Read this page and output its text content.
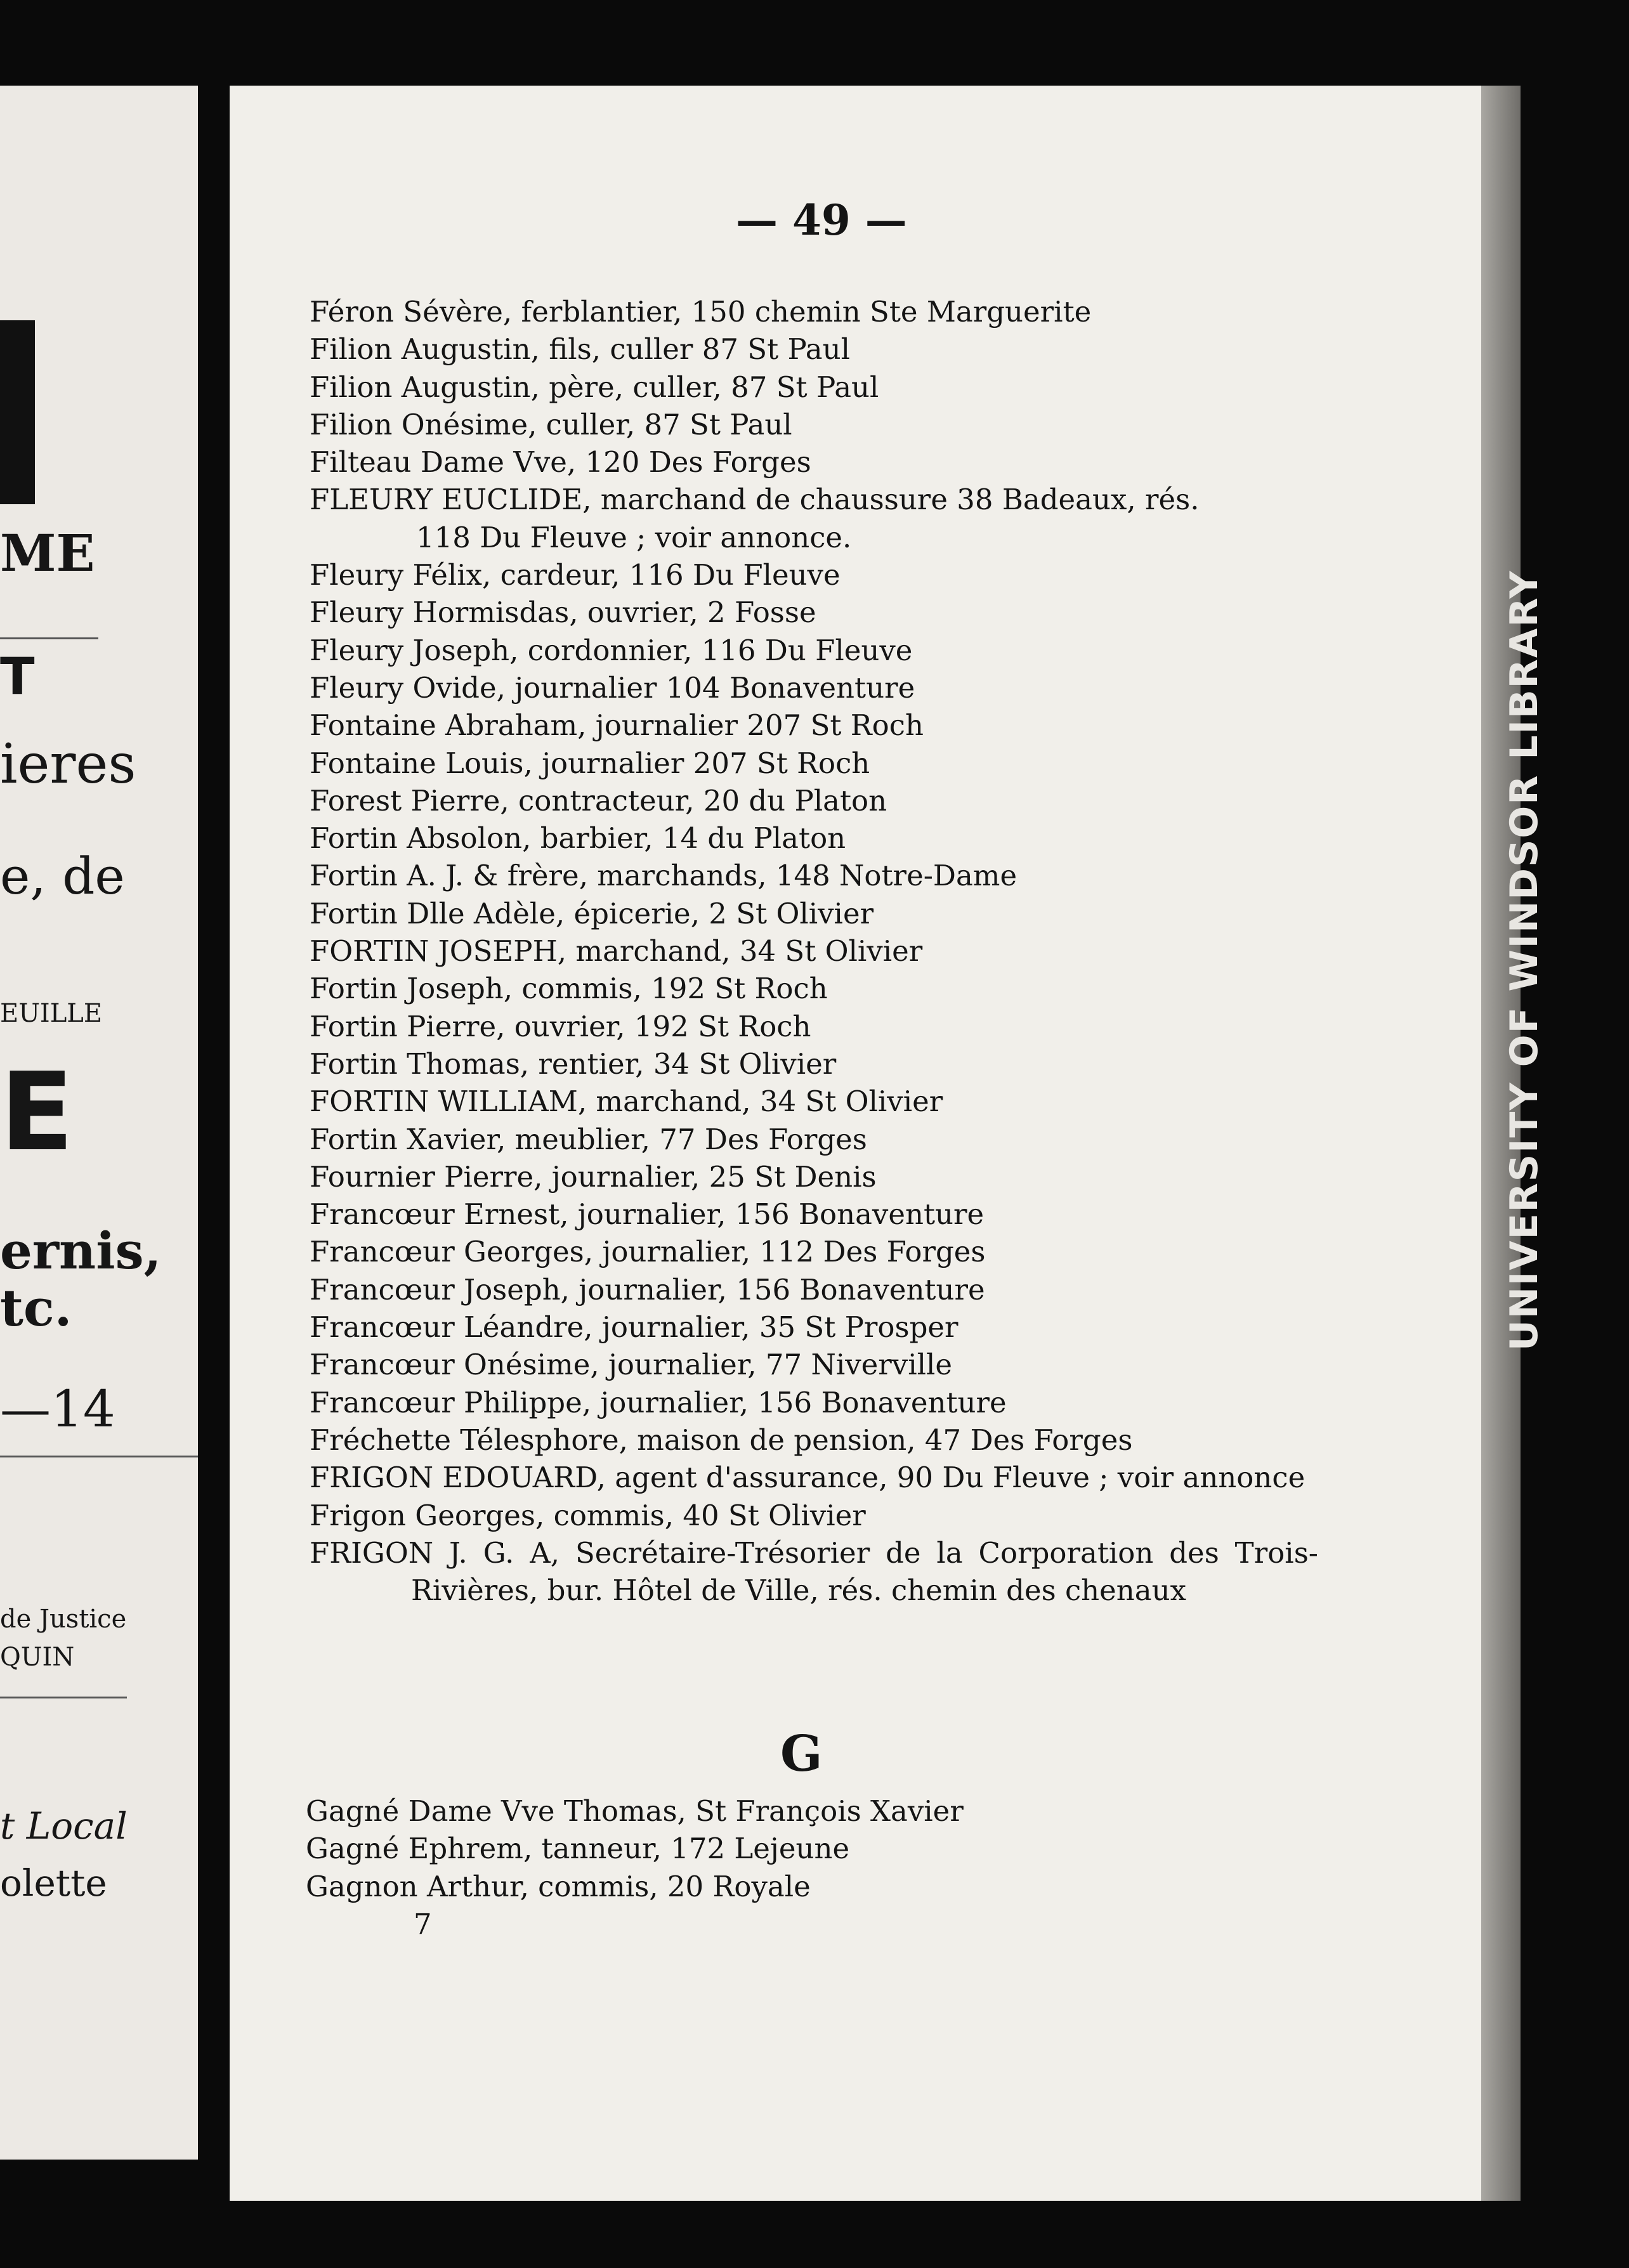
ME
T
ieres
e, de
EUILLE
E
ernis,
tc.
—14
de Justice
QUIN
t Local
olette
UNIVERSITY OF WINDSOR LIBRARY
— 49 —
Féron Sévère, ferblantier, 150 chemin Ste Marguerite
Filion Augustin, fils, culler 87 St Paul
Filion Augustin, père, culler, 87 St Paul
Filion Onésime, culler, 87 St Paul
Filteau Dame Vve, 120 Des Forges
FLEURY EUCLIDE, marchand de chaussure 38 Badeaux, rés.
118 Du Fleuve ; voir annonce.
Fleury Félix, cardeur, 116 Du Fleuve
Fleury Hormisdas, ouvrier, 2 Fosse
Fleury Joseph, cordonnier, 116 Du Fleuve
Fleury Ovide, journalier 104 Bonaventure
Fontaine Abraham, journalier 207 St Roch
Fontaine Louis, journalier 207 St Roch
Forest Pierre, contracteur, 20 du Platon
Fortin Absolon, barbier, 14 du Platon
Fortin A. J. & frère, marchands, 148 Notre-Dame
Fortin Dlle Adèle, épicerie, 2 St Olivier
FORTIN JOSEPH, marchand, 34 St Olivier
Fortin Joseph, commis, 192 St Roch
Fortin Pierre, ouvrier, 192 St Roch
Fortin Thomas, rentier, 34 St Olivier
FORTIN WILLIAM, marchand, 34 St Olivier
Fortin Xavier, meublier, 77 Des Forges
Fournier Pierre, journalier, 25 St Denis
Francœur Ernest, journalier, 156 Bonaventure
Francœur Georges, journalier, 112 Des Forges
Francœur Joseph, journalier, 156 Bonaventure
Francœur Léandre, journalier, 35 St Prosper
Francœur Onésime, journalier, 77 Niverville
Francœur Philippe, journalier, 156 Bonaventure
Fréchette Télesphore, maison de pension, 47 Des Forges
FRIGON EDOUARD, agent d'assurance, 90 Du Fleuve ; voir annonce
Frigon Georges, commis, 40 St Olivier
FRIGON J. G. A, Secrétaire-Trésorier de la Corporation des Trois-Rivières, bur. Hôtel de Ville, rés. chemin des chenaux
G
Gagné Dame Vve Thomas, St François Xavier
Gagné Ephrem, tanneur, 172 Lejeune
Gagnon Arthur, commis, 20 Royale
7
